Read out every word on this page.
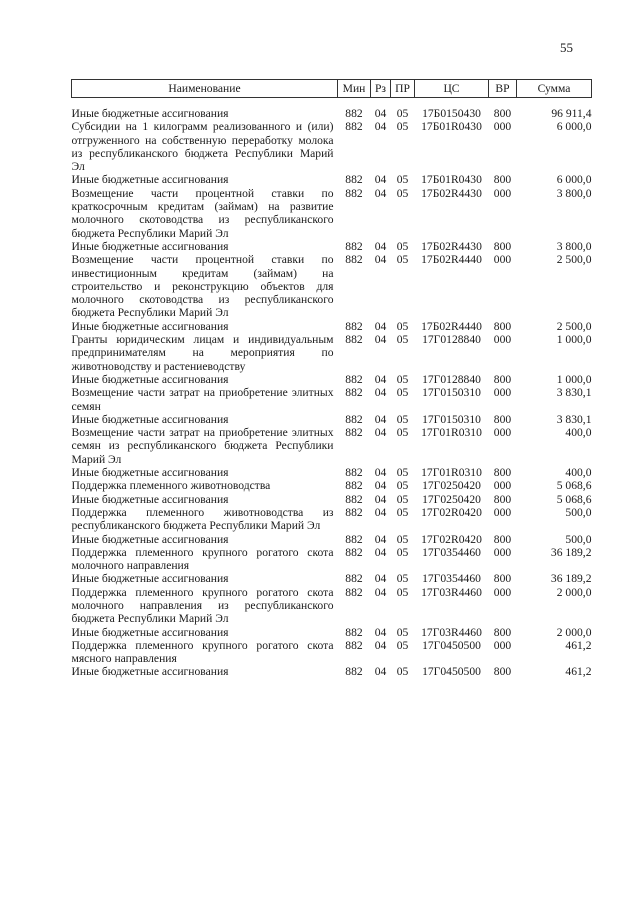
55
Наименование	Мин	Рз	ПР	ЦС	ВР	Сумма

Иные бюджетные ассигнования	882	04	05	17Б0150430	800	96 911,4
Субсидии на 1 килограмм реализованного и (или) отгруженного на собственную переработку молока из республиканского бюджета Республики Марий Эл	882	04	05	17Б01R0430	000	6 000,0
Иные бюджетные ассигнования	882	04	05	17Б01R0430	800	6 000,0
Возмещение части процентной ставки по краткосрочным кредитам (займам) на развитие молочного скотоводства из республиканского бюджета Республики Марий Эл	882	04	05	17Б02R4430	000	3 800,0
Иные бюджетные ассигнования	882	04	05	17Б02R4430	800	3 800,0
Возмещение части процентной ставки по инвестиционным кредитам (займам) на строительство и реконструкцию объектов для молочного скотоводства из республиканского бюджета Республики Марий Эл	882	04	05	17Б02R4440	000	2 500,0
Иные бюджетные ассигнования	882	04	05	17Б02R4440	800	2 500,0
Гранты юридическим лицам и индивидуальным предпринимателям на мероприятия по животноводству и растениеводству	882	04	05	17Г0128840	000	1 000,0
Иные бюджетные ассигнования	882	04	05	17Г0128840	800	1 000,0
Возмещение части затрат на приобретение элитных семян	882	04	05	17Г0150310	000	3 830,1
Иные бюджетные ассигнования	882	04	05	17Г0150310	800	3 830,1
Возмещение части затрат на приобретение элитных семян из республиканского бюджета Республики Марий Эл	882	04	05	17Г01R0310	000	400,0
Иные бюджетные ассигнования	882	04	05	17Г01R0310	800	400,0
Поддержка племенного животноводства	882	04	05	17Г0250420	000	5 068,6
Иные бюджетные ассигнования	882	04	05	17Г0250420	800	5 068,6
Поддержка племенного животноводства из республиканского бюджета Республики Марий Эл	882	04	05	17Г02R0420	000	500,0
Иные бюджетные ассигнования	882	04	05	17Г02R0420	800	500,0
Поддержка племенного крупного рогатого скота молочного направления	882	04	05	17Г0354460	000	36 189,2
Иные бюджетные ассигнования	882	04	05	17Г0354460	800	36 189,2
Поддержка племенного крупного рогатого скота молочного направления из республиканского бюджета Республики Марий Эл	882	04	05	17Г03R4460	000	2 000,0
Иные бюджетные ассигнования	882	04	05	17Г03R4460	800	2 000,0
Поддержка племенного крупного рогатого скота мясного направления	882	04	05	17Г0450500	000	461,2
Иные бюджетные ассигнования	882	04	05	17Г0450500	800	461,2
